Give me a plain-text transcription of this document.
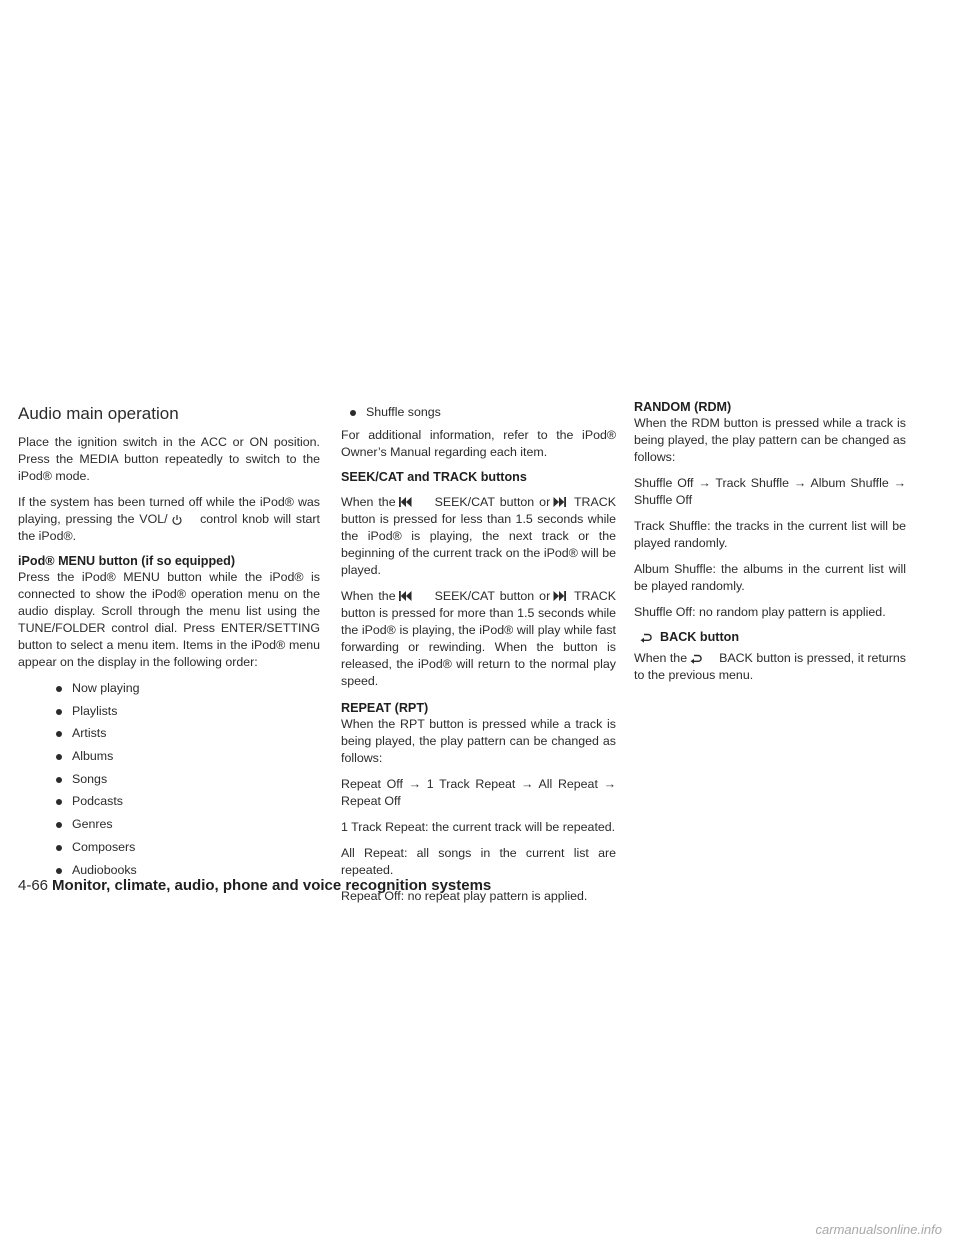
Audio main operation

Place the ignition switch in the ACC or ON position. Press the MEDIA button repeatedly to switch to the iPod® mode.

If the system has been turned off while the iPod® was playing, pressing the VOL/	control knob will start the iPod®.

iPod® MENU button (if so equipped)

Press the iPod® MENU button while the iPod® is connected to show the iPod® operation menu on the audio display. Scroll through the menu list using the TUNE/FOLDER control dial. Press ENTER/SETTING button to select a menu item. Items in the iPod® menu appear on the display in the following order:

Now playing
Playlists
Artists
Albums
Songs
Podcasts
Genres
Composers
Audiobooks
Shuffle songs

For additional information, refer to the iPod® Owner’s Manual regarding each item.

SEEK/CAT and TRACK buttons

When the	SEEK/CAT button or TRACK button is pressed for less than 1.5 seconds while the iPod® is playing, the next track or the beginning of the current track on the iPod® will be played.

When the	SEEK/CAT button or TRACK button is pressed for more than 1.5 seconds while the iPod® is playing, the iPod® will play while fast forwarding or rewinding. When the button is released, the iPod® will return to the normal play speed.

REPEAT (RPT)

When the RPT button is pressed while a track is being played, the play pattern can be changed as follows:

Repeat Off → 1 Track Repeat → All Repeat → Repeat Off

1 Track Repeat: the current track will be repeated.

All Repeat: all songs in the current list are repeated.

Repeat Off: no repeat play pattern is applied.

RANDOM (RDM)

When the RDM button is pressed while a track is being played, the play pattern can be changed as follows:

Shuffle Off → Track Shuffle → Album Shuffle → Shuffle Off

Track Shuffle: the tracks in the current list will be played randomly.

Album Shuffle: the albums in the current list will be played randomly.

Shuffle Off: no random play pattern is applied.

BACK button

When the	BACK button is pressed, it returns to the previous menu.

4-66 Monitor, climate, audio, phone and voice recognition systems
carmanualsonline.info
